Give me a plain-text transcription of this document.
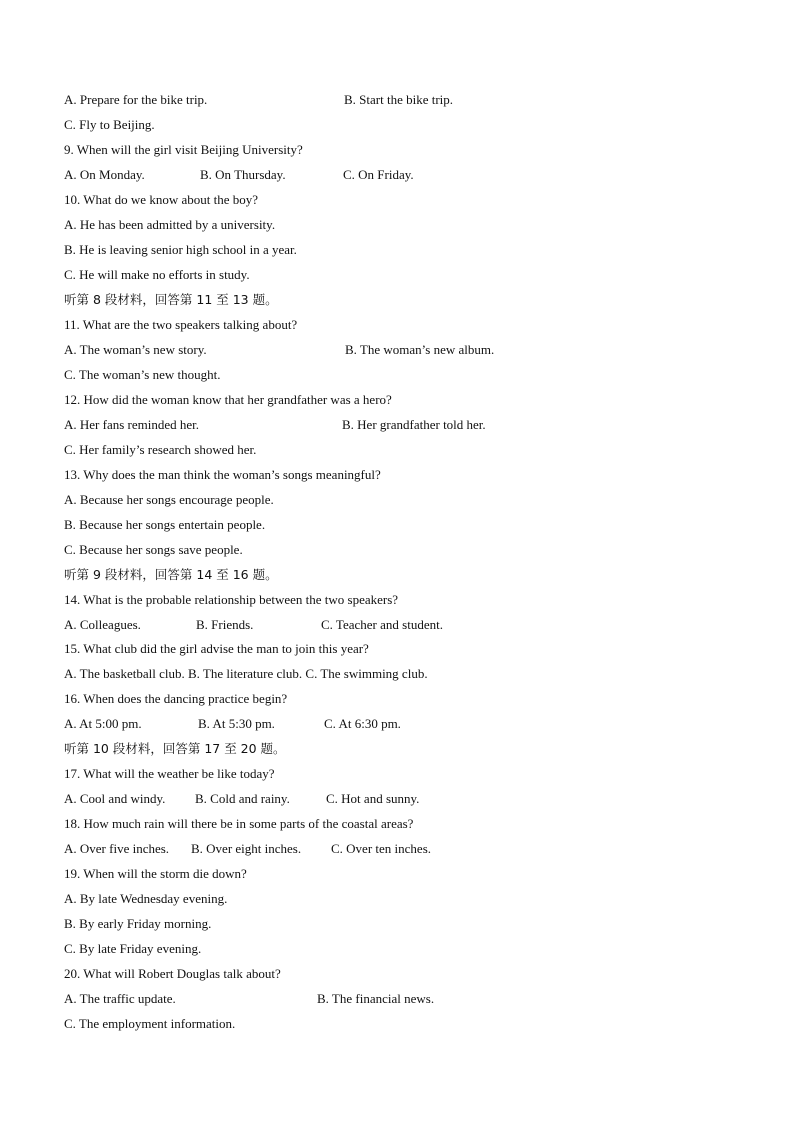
A. Prepare for the bike trip.	B. Start the bike trip.
C. Fly to Beijing.
9. When will the girl visit Beijing University?
A. On Monday.	B. On Thursday.	C. On Friday.
10. What do we know about the boy?
A. He has been admitted by a university.
B. He is leaving senior high school in a year.
C. He will make no efforts in study.
听第 8 段材料，回答第 11 至 13 题。
11. What are the two speakers talking about?
A. The woman’s new story.	B. The woman’s new album.
C. The woman’s new thought.
12. How did the woman know that her grandfather was a hero?
A. Her fans reminded her.	B. Her grandfather told her.
C. Her family’s research showed her.
13. Why does the man think the woman’s songs meaningful?
A. Because her songs encourage people.
B. Because her songs entertain people.
C. Because her songs save people.
听第 9 段材料，回答第 14 至 16 题。
14. What is the probable relationship between the two speakers?
A. Colleagues.	B. Friends.	C. Teacher and student.
15. What club did the girl advise the man to join this year?
A. The basketball club. B. The literature club. C. The swimming club.
16. When does the dancing practice begin?
A. At 5:00 pm.	B. At 5:30 pm.	C. At 6:30 pm.
听第 10 段材料，回答第 17 至 20 题。
17. What will the weather be like today?
A. Cool and windy. B. Cold and rainy.	C. Hot and sunny.
18. How much rain will there be in some parts of the coastal areas?
A. Over five inches. B. Over eight inches. C. Over ten inches.
19. When will the storm die down?
A. By late Wednesday evening.
B. By early Friday morning.
C. By late Friday evening.
20. What will Robert Douglas talk about?
A. The traffic update.	B. The financial news.
C. The employment information.
